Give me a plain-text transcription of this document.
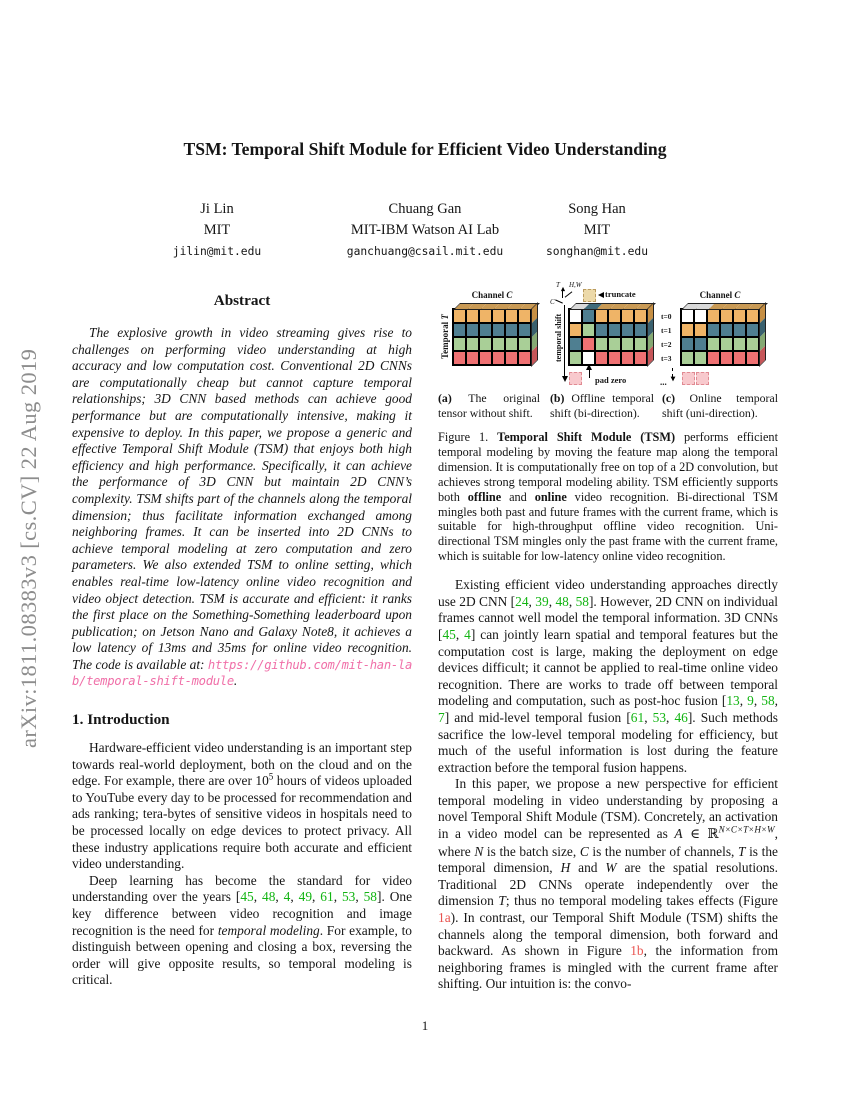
arXiv:1811.08383v3 [cs.CV] 22 Aug 2019
TSM: Temporal Shift Module for Efficient Video Understanding
Ji Lin
MIT
jilin@mit.edu
Chuang Gan
MIT-IBM Watson AI Lab
ganchuang@csail.mit.edu
Song Han
MIT
songhan@mit.edu
Abstract

The explosive growth in video streaming gives rise to challenges on performing video understanding at high accuracy and low computation cost. Conventional 2D CNNs are computationally cheap but cannot capture temporal relationships; 3D CNN based methods can achieve good performance but are computationally intensive, making it expensive to deploy. In this paper, we propose a generic and effective Temporal Shift Module (TSM) that enjoys both high efficiency and high performance. Specifically, it can achieve the performance of 3D CNN but maintain 2D CNN’s complexity. TSM shifts part of the channels along the temporal dimension; thus facilitate information exchanged among neighboring frames. It can be inserted into 2D CNNs to achieve temporal modeling at zero computation and zero parameters. We also extended TSM to online setting, which enables real-time low-latency online video recognition and video object detection. TSM is accurate and efficient: it ranks the first place on the Something-Something leaderboard upon publication; on Jetson Nano and Galaxy Note8, it achieves a low latency of 13ms and 35ms for online video recognition. The code is available at: https://github.com/mit-han-lab/temporal-shift-module.

1. Introduction

Hardware-efficient video understanding is an important step towards real-world deployment, both on the cloud and on the edge. For example, there are over $10^5$ hours of videos uploaded to YouTube every day to be processed for recommendation and ads ranking; tera-bytes of sensitive videos in hospitals need to be processed locally on edge devices to protect privacy. All these industry applications require both accurate and efficient video understanding.

Deep learning has become the standard for video understanding over the years [45, 48, 4, 49, 61, 53, 58]. One key difference between video recognition and image recognition is the need for temporal modeling. For example, to distinguish between opening and closing a box, reversing the order will give opposite results, so temporal modeling is critical.

Channel C
Temporal T
T H,W
C
truncate
temporal shift
pad zero
Channel C
t=0
t=1
t=2
t=3
...
(a) The original tensor without shift.
(b) Offline temporal shift (bi-direction).
(c) Online temporal shift (uni-direction).

Figure 1. Temporal Shift Module (TSM) performs efficient temporal modeling by moving the feature map along the temporal dimension. It is computationally free on top of a 2D convolution, but achieves strong temporal modeling ability. TSM efficiently supports both offline and online video recognition. Bi-directional TSM mingles both past and future frames with the current frame, which is suitable for high-throughput offline video recognition. Uni-directional TSM mingles only the past frame with the current frame, which is suitable for low-latency online video recognition.

Existing efficient video understanding approaches directly use 2D CNN [24, 39, 48, 58]. However, 2D CNN on individual frames cannot well model the temporal information. 3D CNNs [45, 4] can jointly learn spatial and temporal features but the computation cost is large, making the deployment on edge devices difficult; it cannot be applied to real-time online video recognition. There are works to trade off between temporal modeling and computation, such as post-hoc fusion [13, 9, 58, 7] and mid-level temporal fusion [61, 53, 46]. Such methods sacrifice the low-level temporal modeling for efficiency, but much of the useful information is lost during the feature extraction before the temporal fusion happens.

In this paper, we propose a new perspective for efficient temporal modeling in video understanding by proposing a novel Temporal Shift Module (TSM). Concretely, an activation in a video model can be represented as A ∈ ℝ$^{N\times C\times T\times H\times W}$, where N is the batch size, C is the number of channels, T is the temporal dimension, H and W are the spatial resolutions. Traditional 2D CNNs operate independently over the dimension T; thus no temporal modeling takes effects (Figure 1a). In contrast, our Temporal Shift Module (TSM) shifts the channels along the temporal dimension, both forward and backward. As shown in Figure 1b, the information from neighboring frames is mingled with the current frame after shifting. Our intuition is: the convo-

1
